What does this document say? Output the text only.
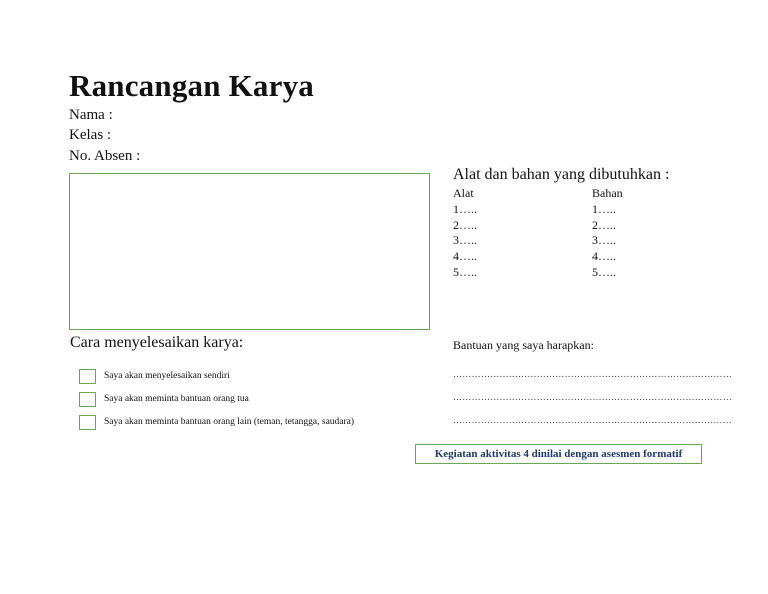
Rancangan Karya
Nama :
Kelas :
No. Absen :
Alat dan bahan yang dibutuhkan :
Alat	Bahan
1…..
2…..
3…..
4…..
5…..
1…..
2…..
3…..
4…..
5…..
Cara menyelesaikan karya:	Bantuan yang saya harapkan:
Saya akan menyelesaikan sendiri
Saya akan meminta bantuan orang tua
Saya akan meminta bantuan orang lain (teman, tetangga, saudara)
………………………………………………………………………………
………………………………………………………………………………
………………………………………………………………………………
Kegiatan aktivitas 4 dinilai dengan asesmen formatif
